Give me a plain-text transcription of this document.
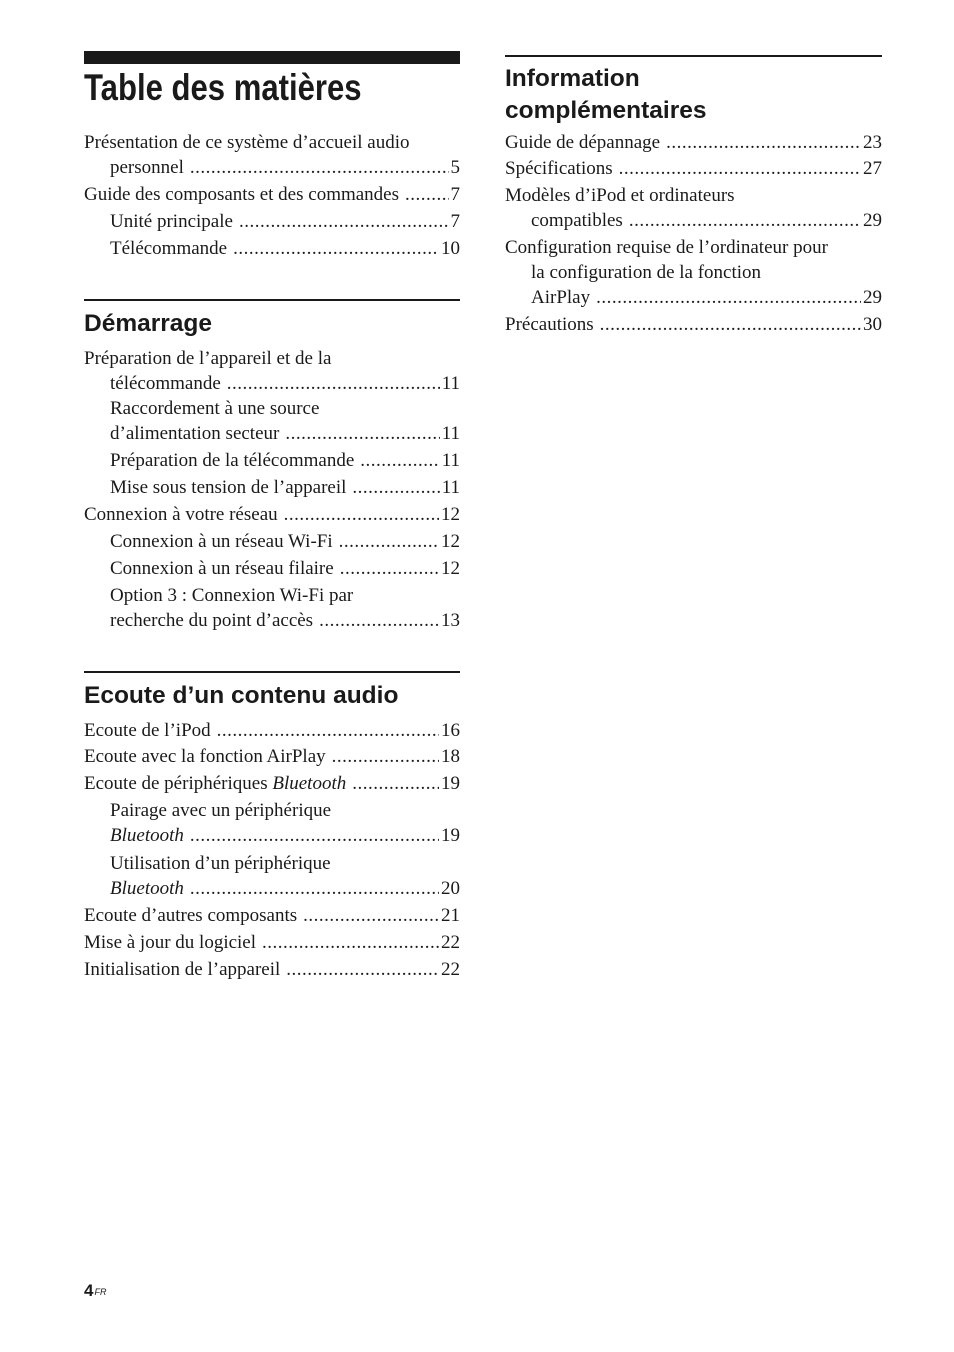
Table des matières
Présentation de ce système d’accueil audio
personnel .....	5
Guide des composants et des commandes .....	7
Unité principale .....	7
Télécommande .....	10
Démarrage
Préparation de l’appareil et de la
télécommande .....	11
Raccordement à une source
d’alimentation secteur .....	11
Préparation de la télécommande .....	11
Mise sous tension de l’appareil .....	11
Connexion à votre réseau .....	12
Connexion à un réseau Wi-Fi .....	12
Connexion à un réseau filaire .....	12
Option 3 : Connexion Wi-Fi par
recherche du point d’accès .....	13
Ecoute d’un contenu audio
Ecoute de l’iPod .....	16
Ecoute avec la fonction AirPlay .....	18
Ecoute de périphériques Bluetooth .....	19
Pairage avec un périphérique
Bluetooth .....	19
Utilisation d’un périphérique
Bluetooth .....	20
Ecoute d’autres composants .....	21
Mise à jour du logiciel .....	22
Initialisation de l’appareil .....	22
Information
complémentaires
Guide de dépannage .....	23
Spécifications .....	27
Modèles d’iPod et ordinateurs
compatibles .....	29
Configuration requise de l’ordinateur pour
la configuration de la fonction
AirPlay .....	29
Précautions .....	30
$4^{FR}$
